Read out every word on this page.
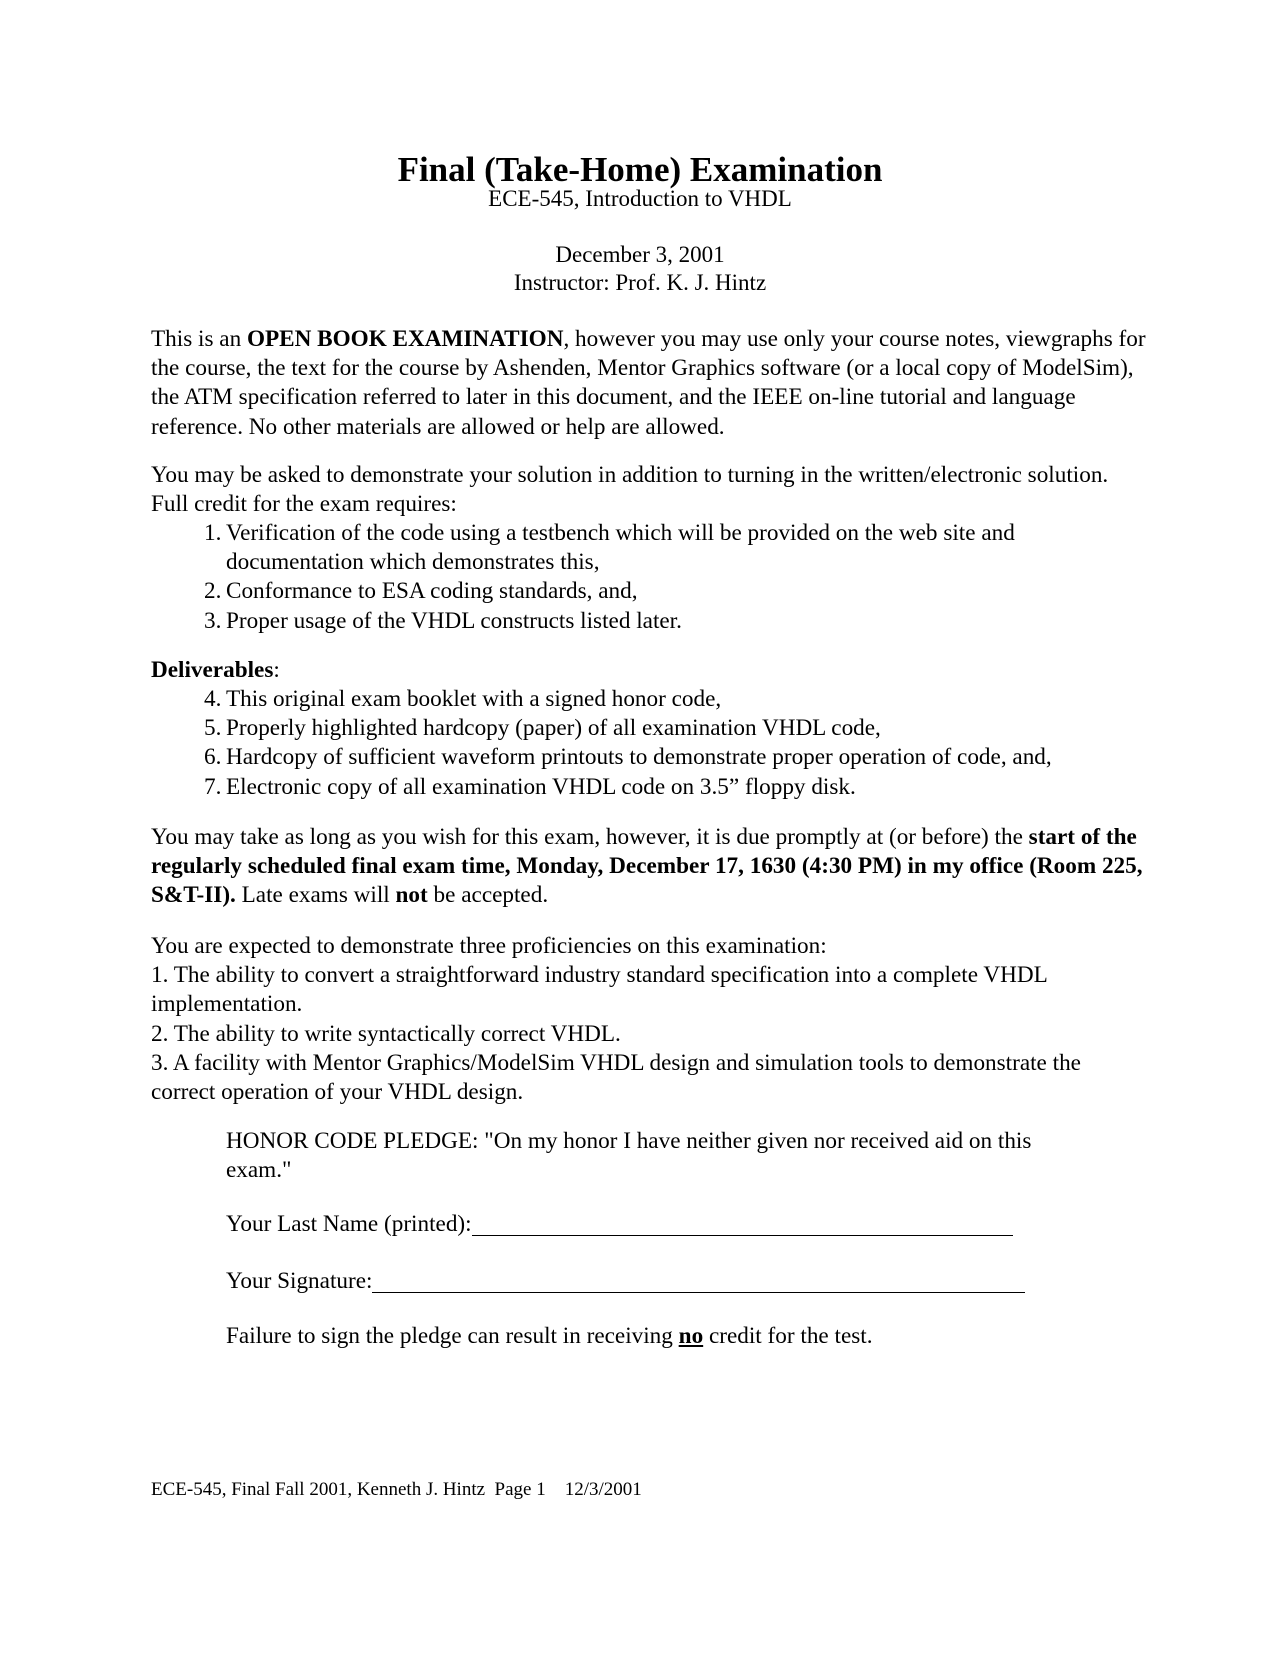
Final (Take-Home) Examination
ECE-545, Introduction to VHDL
December 3, 2001
Instructor: Prof. K. J. Hintz

This is an OPEN BOOK EXAMINATION, however you may use only your course notes, viewgraphs for the course, the text for the course by Ashenden, Mentor Graphics software (or a local copy of ModelSim), the ATM specification referred to later in this document, and the IEEE on-line tutorial and language reference. No other materials are allowed or help are allowed.

You may be asked to demonstrate your solution in addition to turning in the written/electronic solution. Full credit for the exam requires:
1. Verification of the code using a testbench which will be provided on the web site and documentation which demonstrates this,
2. Conformance to ESA coding standards, and,
3. Proper usage of the VHDL constructs listed later.
Deliverables:
4. This original exam booklet with a signed honor code,
5. Properly highlighted hardcopy (paper) of all examination VHDL code,
6. Hardcopy of sufficient waveform printouts to demonstrate proper operation of code, and,
7. Electronic copy of all examination VHDL code on 3.5” floppy disk.

You may take as long as you wish for this exam, however, it is due promptly at (or before) the start of the regularly scheduled final exam time, Monday, December 17, 1630 (4:30 PM) in my office (Room 225, S&T-II). Late exams will not be accepted.

You are expected to demonstrate three proficiencies on this examination:
1. The ability to convert a straightforward industry standard specification into a complete VHDL implementation.
2. The ability to write syntactically correct VHDL.
3. A facility with Mentor Graphics/ModelSim VHDL design and simulation tools to demonstrate the correct operation of your VHDL design.
HONOR CODE PLEDGE: "On my honor I have neither given nor received aid on this exam."
Your Last Name (printed):
Your Signature:
Failure to sign the pledge can result in receiving no credit for the test.
ECE-545, Final Fall 2001, Kenneth J. Hintz  Page 1    12/3/2001
